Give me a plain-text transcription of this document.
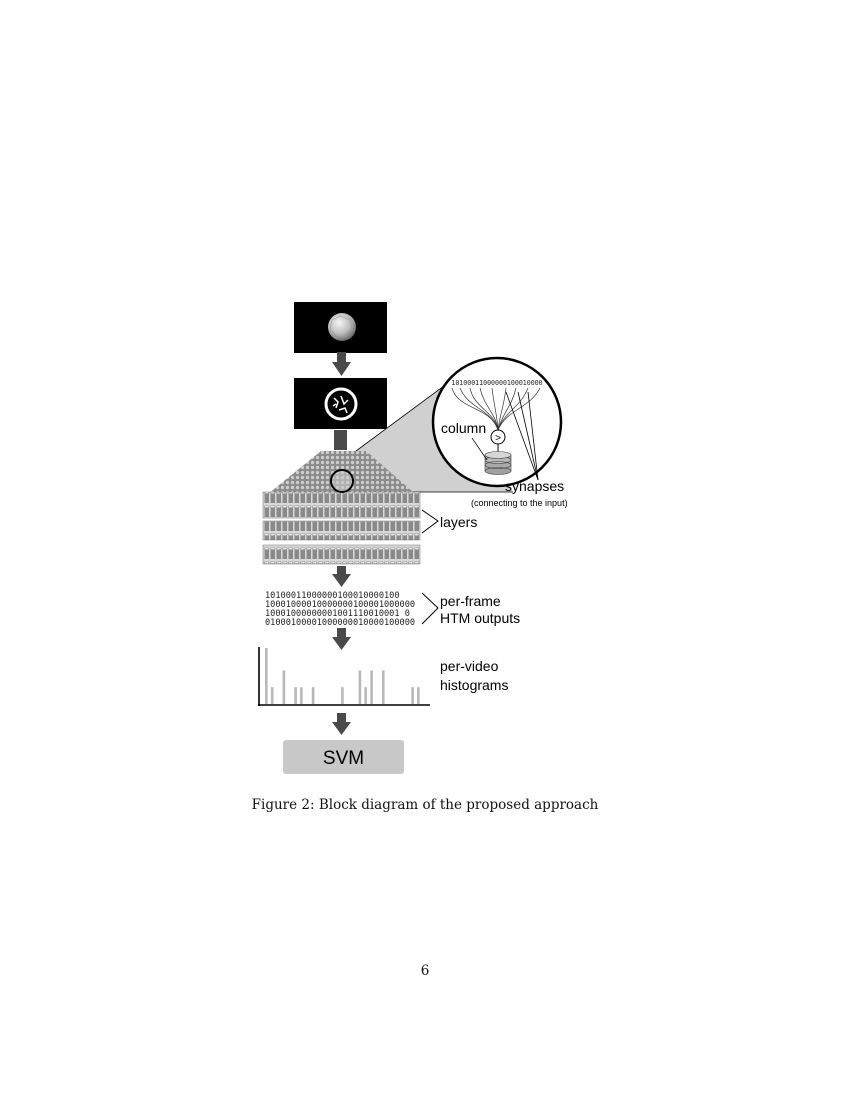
10100011000000100010000
>
column
synapses
(connecting to the input)
layers
10100011000000100010000100
10001000010000000100001000000
10001000000001001110010001 0
01000100001000000010000100000
per-frame
HTM outputs
per-video
histograms
SVM
Figure 2: Block diagram of the proposed approach
6
